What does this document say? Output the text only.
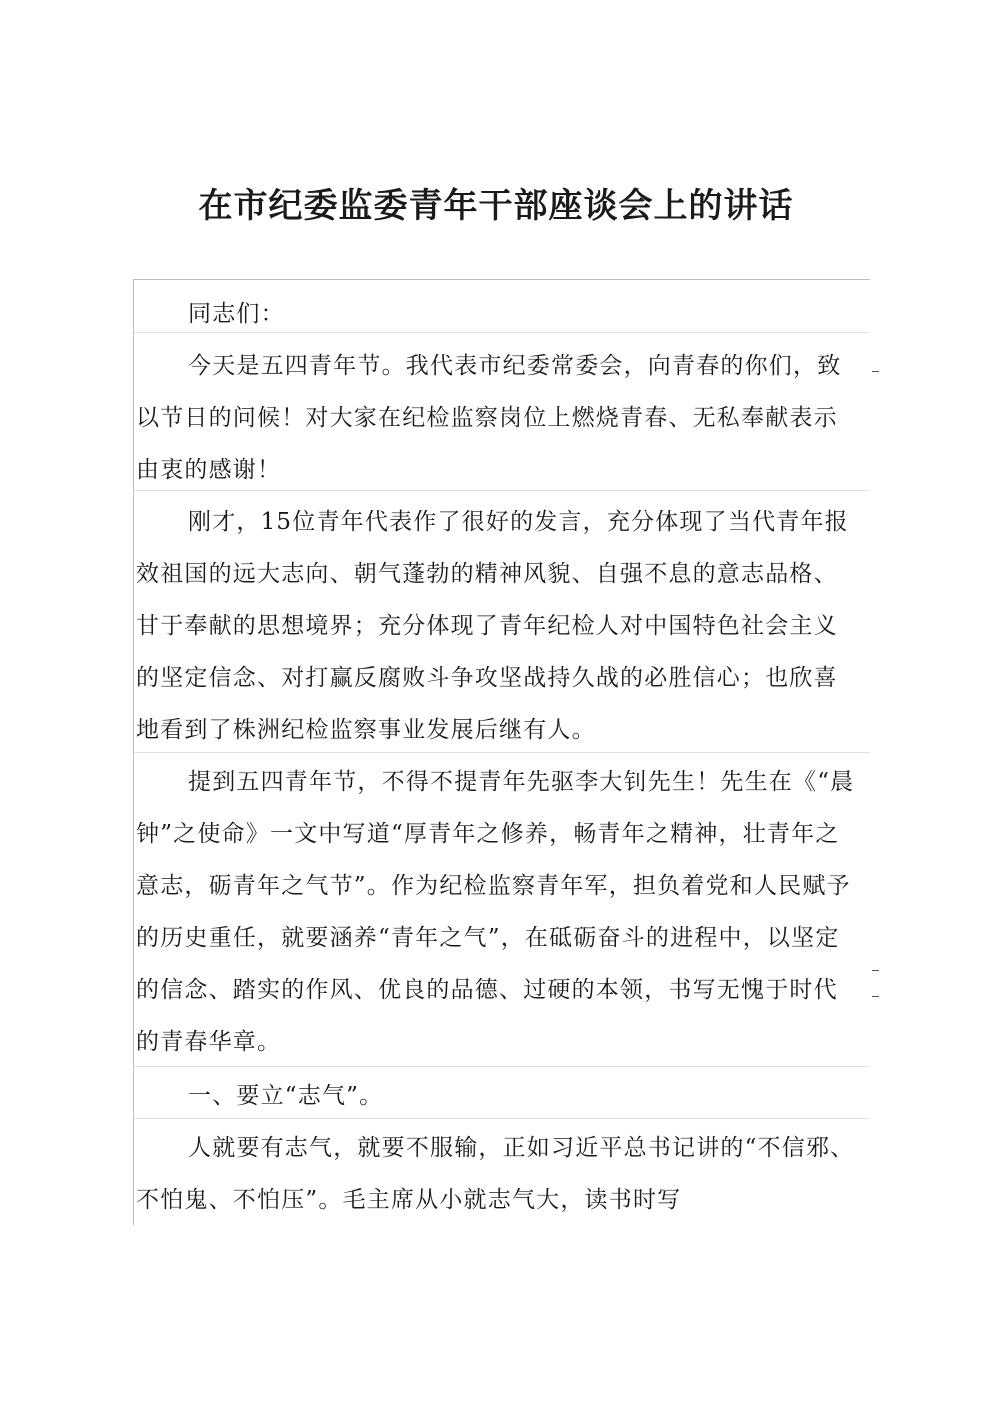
在市纪委监委青年干部座谈会上的讲话

同志们：

今天是五四青年节。我代表市纪委常委会，向青春的你们，致以节日的问候！对大家在纪检监察岗位上燃烧青春、无私奉献表示由衷的感谢！

刚才，15位青年代表作了很好的发言，充分体现了当代青年报效祖国的远大志向、朝气蓬勃的精神风貌、自强不息的意志品格、甘于奉献的思想境界；充分体现了青年纪检人对中国特色社会主义的坚定信念、对打赢反腐败斗争攻坚战持久战的必胜信心；也欣喜地看到了株洲纪检监察事业发展后继有人。

提到五四青年节，不得不提青年先驱李大钊先生！先生在《“晨钟”之使命》一文中写道“厚青年之修养，畅青年之精神，壮青年之意志，砺青年之气节”。作为纪检监察青年军，担负着党和人民赋予的历史重任，就要涵养“青年之气”，在砥砺奋斗的进程中，以坚定的信念、踏实的作风、优良的品德、过硬的本领，书写无愧于时代的青春华章。

一、要立“志气”。

人就要有志气，就要不服输，正如习近平总书记讲的“不信邪、不怕鬼、不怕压”。毛主席从小就志气大，读书时写
